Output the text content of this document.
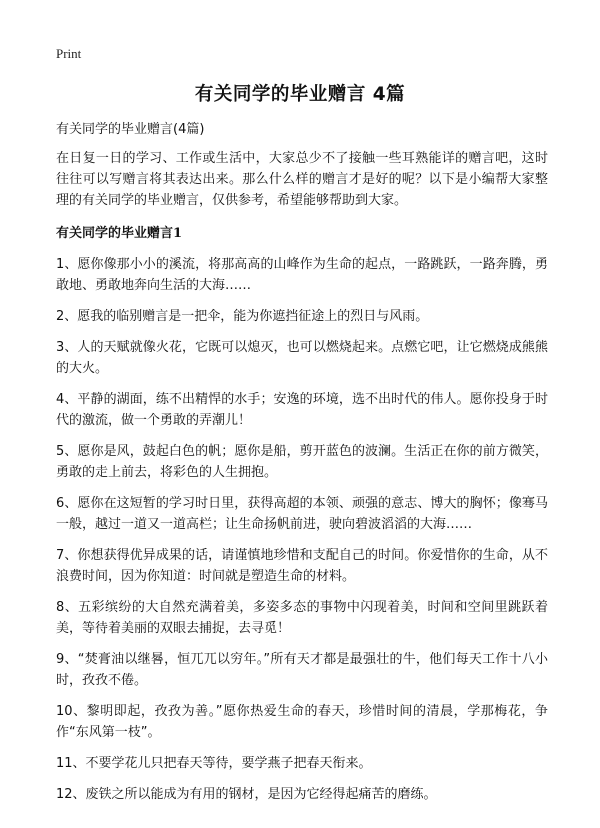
Print
有关同学的毕业赠言 4篇

有关同学的毕业赠言(4篇)

在日复一日的学习、工作或生活中，大家总少不了接触一些耳熟能详的赠言吧，这时往往可以写赠言将其表达出来。那么什么样的赠言才是好的呢？以下是小编帮大家整理的有关同学的毕业赠言，仅供参考，希望能够帮助到大家。

有关同学的毕业赠言1

1、愿你像那小小的溪流，将那高高的山峰作为生命的起点，一路跳跃，一路奔腾，勇敢地、勇敢地奔向生活的大海……

2、愿我的临别赠言是一把伞，能为你遮挡征途上的烈日与风雨。

3、人的天赋就像火花，它既可以熄灭，也可以燃烧起来。点燃它吧，让它燃烧成熊熊的大火。

4、平静的湖面，练不出精悍的水手；安逸的环境，选不出时代的伟人。愿你投身于时代的激流，做一个勇敢的弄潮儿！

5、愿你是风，鼓起白色的帆；愿你是船，剪开蓝色的波澜。生活正在你的前方微笑，勇敢的走上前去，将彩色的人生拥抱。

6、愿你在这短暂的学习时日里，获得高超的本领、顽强的意志、博大的胸怀；像骞马一般，越过一道又一道高栏；让生命扬帆前进，驶向碧波滔滔的大海……

7、你想获得优异成果的话，请谨慎地珍惜和支配自己的时间。你爱惜你的生命，从不浪费时间，因为你知道：时间就是塑造生命的材料。

8、五彩缤纷的大自然充满着美，多姿多态的事物中闪现着美，时间和空间里跳跃着美，等待着美丽的双眼去捕捉，去寻觅！

9、“焚膏油以继晷，恒兀兀以穷年。”所有天才都是最强壮的牛，他们每天工作十八小时，孜孜不倦。

10、黎明即起，孜孜为善。”愿你热爱生命的春天，珍惜时间的清晨，学那梅花，争作“东风第一枝”。

11、不要学花儿只把春天等待，要学燕子把春天衔来。

12、废铁之所以能成为有用的钢材，是因为它经得起痛苦的磨练。
